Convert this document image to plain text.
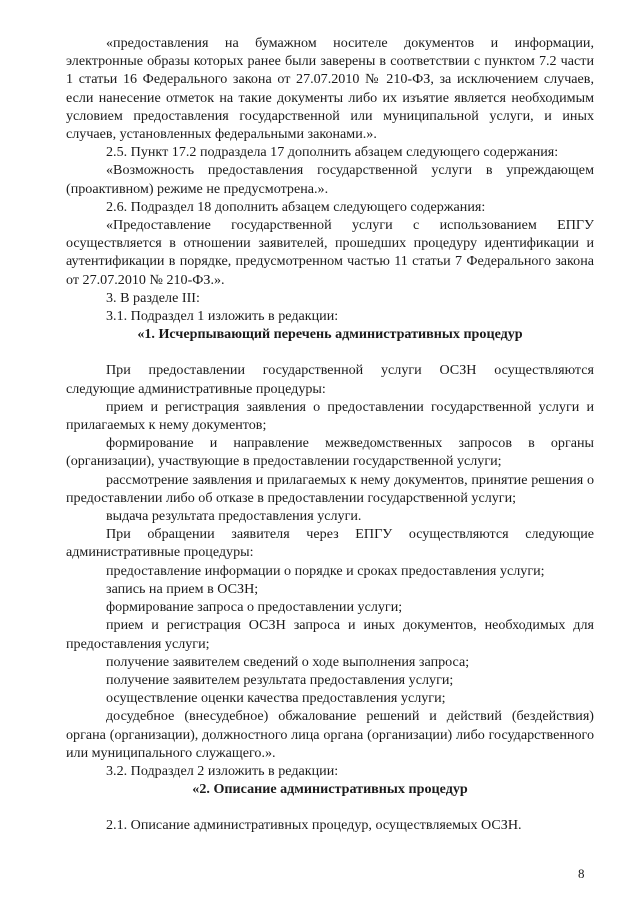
«предоставления на бумажном носителе документов и информации, электронные образы которых ранее были заверены в соответствии с пунктом 7.2 части 1 статьи 16 Федерального закона от 27.07.2010 № 210-ФЗ, за исключением случаев, если нанесение отметок на такие документы либо их изъятие является необходимым условием предоставления государственной или муниципальной услуги, и иных случаев, установленных федеральными законами.».

2.5. Пункт 17.2 подраздела 17 дополнить абзацем следующего содержания:

«Возможность предоставления государственной услуги в упреждающем (проактивном) режиме не предусмотрена.».

2.6. Подраздел 18 дополнить абзацем следующего содержания:

«Предоставление государственной услуги с использованием ЕПГУ осуществляется в отношении заявителей, прошедших процедуру идентификации и аутентификации в порядке, предусмотренном частью 11 статьи 7 Федерального закона от 27.07.2010 № 210-ФЗ.».

3. В разделе III:

3.1. Подраздел 1 изложить в редакции:

«1. Исчерпывающий перечень административных процедур

При предоставлении государственной услуги ОСЗН осуществляются следующие административные процедуры:

прием и регистрация заявления о предоставлении государственной услуги и прилагаемых к нему документов;

формирование и направление межведомственных запросов в органы (организации), участвующие в предоставлении государственной услуги;

рассмотрение заявления и прилагаемых к нему документов, принятие решения о предоставлении либо об отказе в предоставлении государственной услуги;

выдача результата предоставления услуги.

При обращении заявителя через ЕПГУ осуществляются следующие административные процедуры:

предоставление информации о порядке и сроках предоставления услуги;

запись на прием в ОСЗН;

формирование запроса о предоставлении услуги;

прием и регистрация ОСЗН запроса и иных документов, необходимых для предоставления услуги;

получение заявителем сведений о ходе выполнения запроса;

получение заявителем результата предоставления услуги;

осуществление оценки качества предоставления услуги;

досудебное (внесудебное) обжалование решений и действий (бездействия) органа (организации), должностного лица органа (организации) либо государственного или муниципального служащего.».

3.2. Подраздел 2 изложить в редакции:

«2. Описание административных процедур

2.1. Описание административных процедур, осуществляемых ОСЗН.

8
